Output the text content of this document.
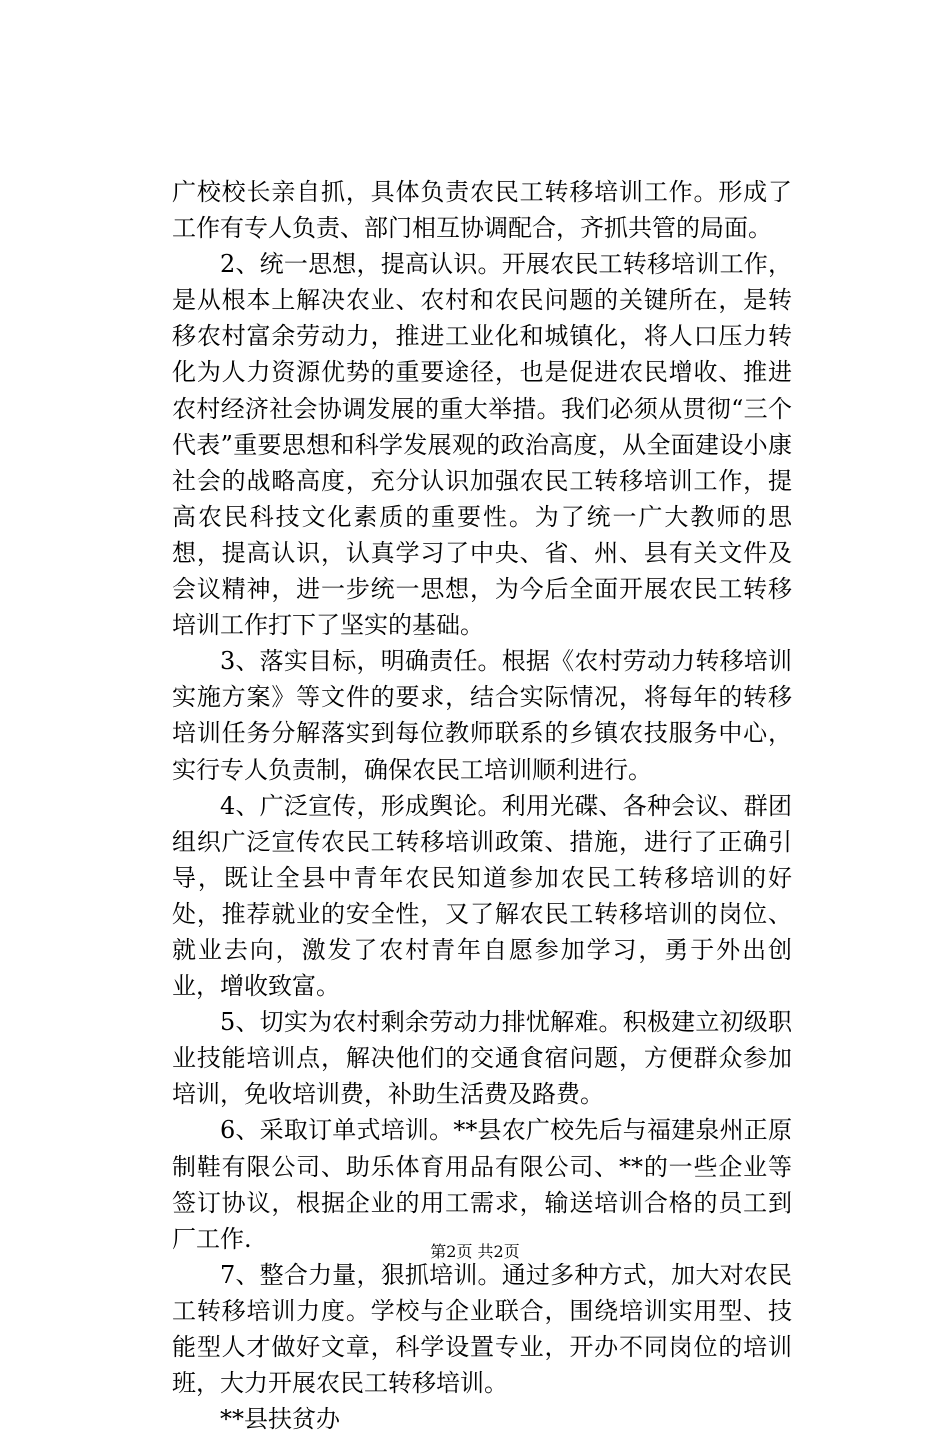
广校校长亲自抓，具体负责农民工转移培训工作。形成了工作有专人负责、部门相互协调配合，齐抓共管的局面。

2、统一思想，提高认识。开展农民工转移培训工作，是从根本上解决农业、农村和农民问题的关键所在，是转移农村富余劳动力，推进工业化和城镇化，将人口压力转化为人力资源优势的重要途径，也是促进农民增收、推进农村经济社会协调发展的重大举措。我们必须从贯彻“三个代表”重要思想和科学发展观的政治高度，从全面建设小康社会的战略高度，充分认识加强农民工转移培训工作，提高农民科技文化素质的重要性。为了统一广大教师的思想，提高认识，认真学习了中央、省、州、县有关文件及会议精神，进一步统一思想，为今后全面开展农民工转移培训工作打下了坚实的基础。

3、落实目标，明确责任。根据《农村劳动力转移培训实施方案》等文件的要求，结合实际情况，将每年的转移培训任务分解落实到每位教师联系的乡镇农技服务中心，实行专人负责制，确保农民工培训顺利进行。

4、广泛宣传，形成舆论。利用光碟、各种会议、群团组织广泛宣传农民工转移培训政策、措施，进行了正确引导，既让全县中青年农民知道参加农民工转移培训的好处，推荐就业的安全性，又了解农民工转移培训的岗位、就业去向，激发了农村青年自愿参加学习，勇于外出创业，增收致富。

5、切实为农村剩余劳动力排忧解难。积极建立初级职业技能培训点，解决他们的交通食宿问题，方便群众参加培训，免收培训费，补助生活费及路费。

6、采取订单式培训。**县农广校先后与福建泉州正原制鞋有限公司、助乐体育用品有限公司、**的一些企业等签订协议，根据企业的用工需求，输送培训合格的员工到厂工作.

7、整合力量，狠抓培训。通过多种方式，加大对农民工转移培训力度。学校与企业联合，围绕培训实用型、技能型人才做好文章，科学设置专业，开办不同岗位的培训班，大力开展农民工转移培训。

**县扶贫办

第2页 共2页
